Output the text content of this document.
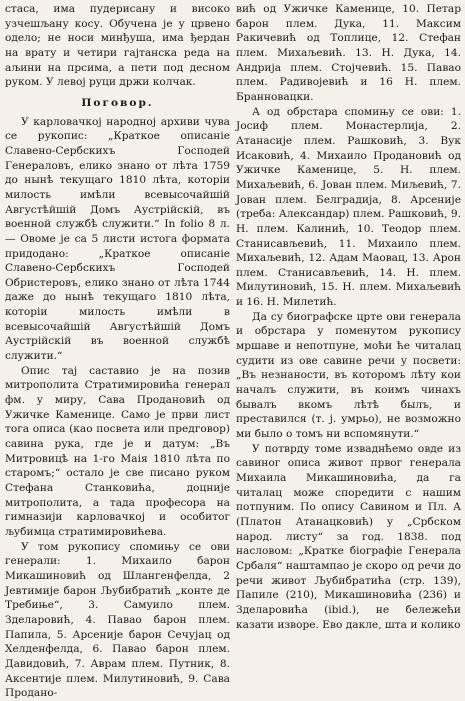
стаса, има пудерисану и високо узчешљану косу. Обучена је у црвено одело; не носи минђуша, има ђердан на врату и четири гајтанска реда на аљини на прсима, а пети под десном руком. У левој руци држи колчак.

Поговор.

У карловачкој народној архиви чува се рукопис: „Краткое описаніе Славено-Сербскихъ Господей Генераловъ, елико знано от лѣта 1759 до нынѣ текущаго 1810 лѣта, которіи милость имѣли всевысочайшій Августѣйшій Домъ Аустрійскій, въ военной службѣ служити.“ In folio 8 л. — Овоме је са 5 листи истога формата придодано: „Краткое описаніе Славено-Сербскихъ Господей Обристеровъ, елико знано от лѣта 1744 даже до нынѣ текущаго 1810 лѣта, которіи милость имѣли в всевысочайшій Августѣйшій Домъ Аустрійскій въ военной службѣ служити.“

Опис тај саставио је на позив митрополита Стратимировића генерал фм. у миру, Сава Продановић од Ужичке Каменице. Само је први лист тога описа (као посвета или предговор) савина рука, где је и датум: „Въ Митровицѣ на 1-го Маія 1810 лѣта по старомъ;“ остало је све писано руком Стефана Станковића, доцније митрополита, а тада професора на гимназији карловачкој и особитог љубимца стратимировићева.

У том рукопису спомињу се ови генерали: 1. Михаило барон Микашиновић од Шлангенфелда, 2 Јевтимије барон Љубибратић „конте де Требиње“, 3. Самуило плем. Зделаровић, 4. Павао барон плем. Папила, 5. Арсеније барон Сечујац од Хелденфелда, 6. Павао барон плем. Давидовић, 7. Аврам плем. Путник, 8. Аксентије плем. Милутиновић, 9. Сава Продано-

вић од Ужичке Каменице, 10. Петар барон плем. Дука, 11. Максим Ракичевић од Топлице, 12. Стефан плем. Михаљевић. 13. Н. Дука, 14. Андрија плем. Стојчевић. 15. Павао плем. Радивојевић и 16 Н. плем. Бранновацки.

А од обрстара спомињу се ови: 1. Јосиф плем. Монастерлија, 2. Атанасије плем. Рашковић, 3. Вук Исаковић, 4. Михаило Продановић од Ужичке Каменице, 5. Н. плем. Михаљевић, 6. Јован плем. Миљевић, 7. Јован плем. Белградија, 8. Арсеније (треба: Александар) плем. Рашковић, 9. Н. плем. Калинић, 10. Теодор плем. Станисављевић, 11. Михаило плем. Михаљевић, 12. Адам Маовац, 13. Арон плем. Станисављевић, 14. Н. плем. Милутиновић, 15. Н. плем. Михаљевић и 16. Н. Милетић.

Да су биографске црте ови генерала и обрстара у поменутом рукопису мршаве и непотпуне, моћи ће читалац судити из ове савине речи у посвети: „Въ незнаности, въ которомъ лѣту кои началъ служити, въ коимъ чинахъ бывалъ вкомъ лѣтѣ былъ, и преставился (т. ј. умрьо), не возможно ми было о томъ ни вспомянути.“

У потврду томе изваднћемо овде из савиног описа живот првог генерала Михаила Микашиновића, да га читалац може споредити с нашим потпуним. По опису Савином и Пл. А (Платон Атанацковић) у „Србском народ. листу“ за год. 1838. под насловом: „Кратке біографіе Генерала Србаля“ наштампао је скоро од речи до речи живот Љубибратића (стр. 139), Папиле (210), Микашиновића (236) и Зделаровића (ibid.), не бележећи казати изворе. Ево дакле, шта и колико
